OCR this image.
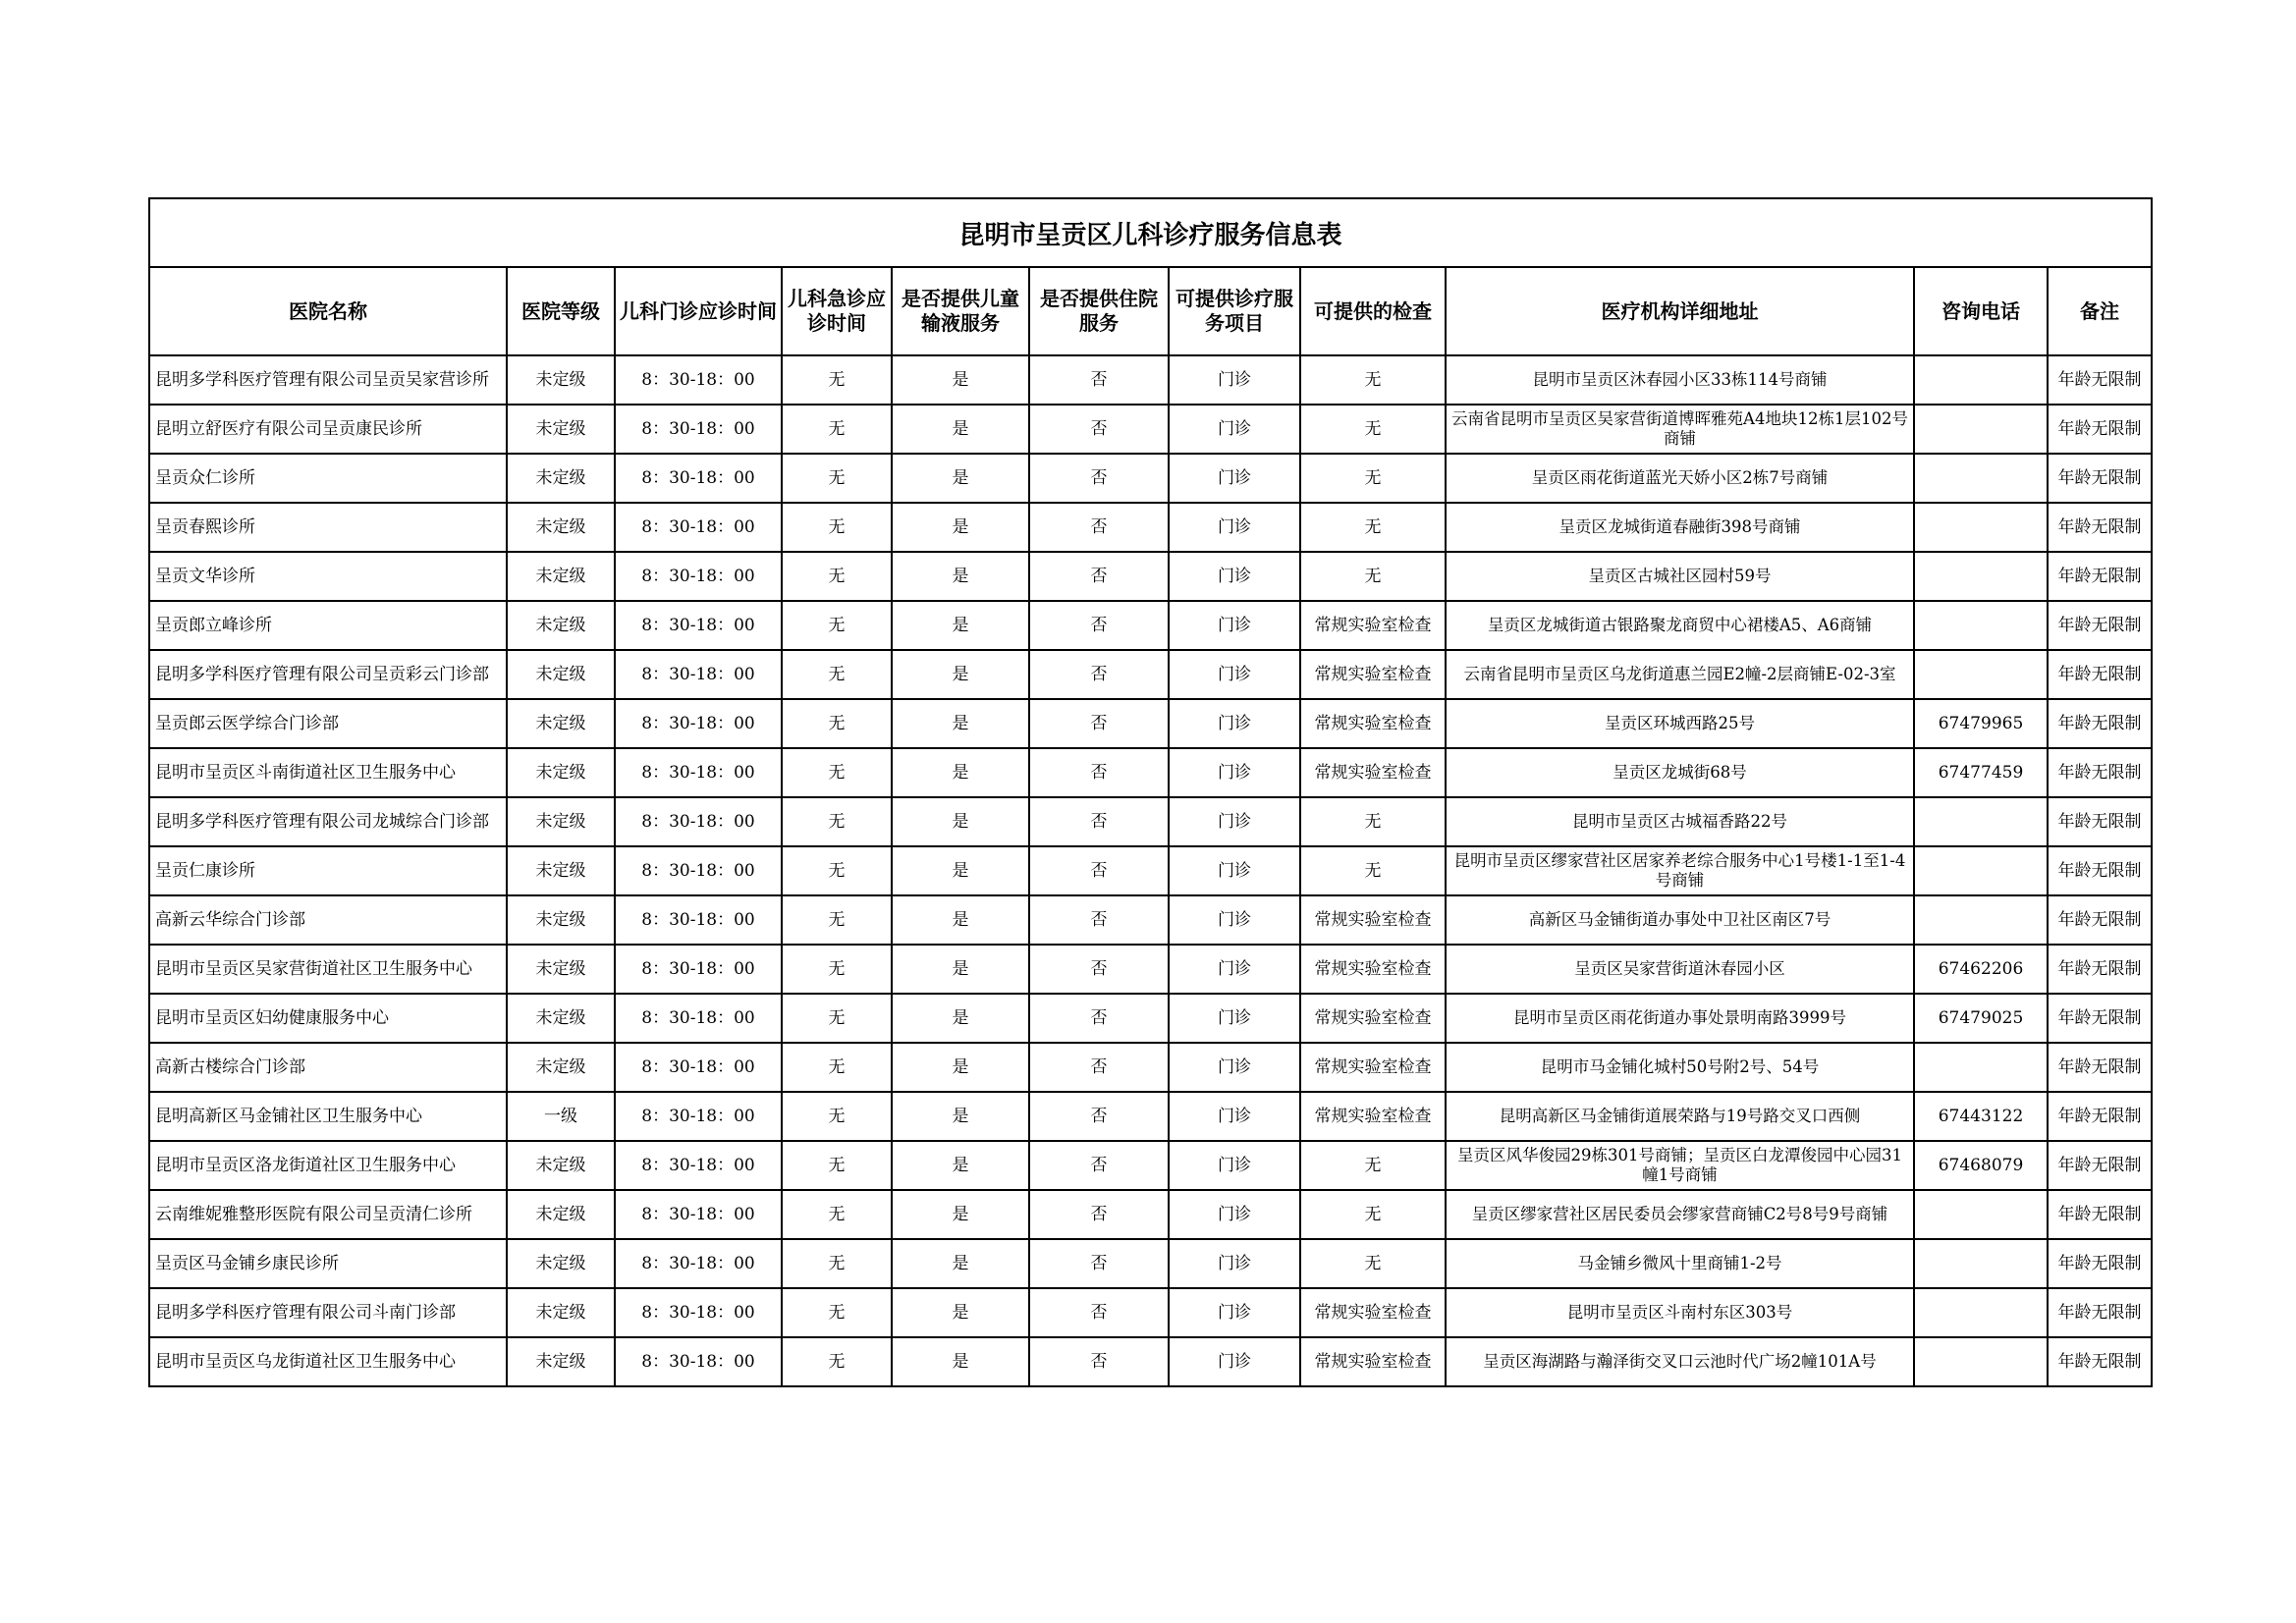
昆明市呈贡区儿科诊疗服务信息表										
医院名称	医院等级	儿科门诊应诊时间	儿科急诊应诊时间	是否提供儿童输液服务	是否提供住院服务	可提供诊疗服务项目	可提供的检查	医疗机构详细地址	咨询电话	备注
昆明多学科医疗管理有限公司呈贡吴家营诊所	未定级	8：30-18：00	无	是	否	门诊	无	昆明市呈贡区沐春园小区33栋114号商铺		年龄无限制
昆明立舒医疗有限公司呈贡康民诊所	未定级	8：30-18：00	无	是	否	门诊	无	云南省昆明市呈贡区吴家营街道博晖雅苑A4地块12栋1层102号商铺		年龄无限制
呈贡众仁诊所	未定级	8：30-18：00	无	是	否	门诊	无	呈贡区雨花街道蓝光天娇小区2栋7号商铺		年龄无限制
呈贡春熙诊所	未定级	8：30-18：00	无	是	否	门诊	无	呈贡区龙城街道春融街398号商铺		年龄无限制
呈贡文华诊所	未定级	8：30-18：00	无	是	否	门诊	无	呈贡区古城社区园村59号		年龄无限制
呈贡郎立峰诊所	未定级	8：30-18：00	无	是	否	门诊	常规实验室检查	呈贡区龙城街道古银路聚龙商贸中心裙楼A5、A6商铺		年龄无限制
昆明多学科医疗管理有限公司呈贡彩云门诊部	未定级	8：30-18：00	无	是	否	门诊	常规实验室检查	云南省昆明市呈贡区乌龙街道惠兰园E2幢-2层商铺E-02-3室		年龄无限制
呈贡郎云医学综合门诊部	未定级	8：30-18：00	无	是	否	门诊	常规实验室检查	呈贡区环城西路25号	67479965	年龄无限制
昆明市呈贡区斗南街道社区卫生服务中心	未定级	8：30-18：00	无	是	否	门诊	常规实验室检查	呈贡区龙城街68号	67477459	年龄无限制
昆明多学科医疗管理有限公司龙城综合门诊部	未定级	8：30-18：00	无	是	否	门诊	无	昆明市呈贡区古城福香路22号		年龄无限制
呈贡仁康诊所	未定级	8：30-18：00	无	是	否	门诊	无	昆明市呈贡区缪家营社区居家养老综合服务中心1号楼1-1至1-4号商铺		年龄无限制
高新云华综合门诊部	未定级	8：30-18：00	无	是	否	门诊	常规实验室检查	高新区马金铺街道办事处中卫社区南区7号		年龄无限制
昆明市呈贡区吴家营街道社区卫生服务中心	未定级	8：30-18：00	无	是	否	门诊	常规实验室检查	呈贡区吴家营街道沐春园小区	67462206	年龄无限制
昆明市呈贡区妇幼健康服务中心	未定级	8：30-18：00	无	是	否	门诊	常规实验室检查	昆明市呈贡区雨花街道办事处景明南路3999号	67479025	年龄无限制
高新古楼综合门诊部	未定级	8：30-18：00	无	是	否	门诊	常规实验室检查	昆明市马金铺化城村50号附2号、54号		年龄无限制
昆明高新区马金铺社区卫生服务中心	一级	8：30-18：00	无	是	否	门诊	常规实验室检查	昆明高新区马金铺街道展荣路与19号路交叉口西侧	67443122	年龄无限制
昆明市呈贡区洛龙街道社区卫生服务中心	未定级	8：30-18：00	无	是	否	门诊	无	呈贡区风华俊园29栋301号商铺；呈贡区白龙潭俊园中心园31幢1号商铺	67468079	年龄无限制
云南维妮雅整形医院有限公司呈贡清仁诊所	未定级	8：30-18：00	无	是	否	门诊	无	呈贡区缪家营社区居民委员会缪家营商铺C2号8号9号商铺		年龄无限制
呈贡区马金铺乡康民诊所	未定级	8：30-18：00	无	是	否	门诊	无	马金铺乡微风十里商铺1-2号		年龄无限制
昆明多学科医疗管理有限公司斗南门诊部	未定级	8：30-18：00	无	是	否	门诊	常规实验室检查	昆明市呈贡区斗南村东区303号		年龄无限制
昆明市呈贡区乌龙街道社区卫生服务中心	未定级	8：30-18：00	无	是	否	门诊	常规实验室检查	呈贡区海湖路与瀚泽街交叉口云池时代广场2幢101A号		年龄无限制
